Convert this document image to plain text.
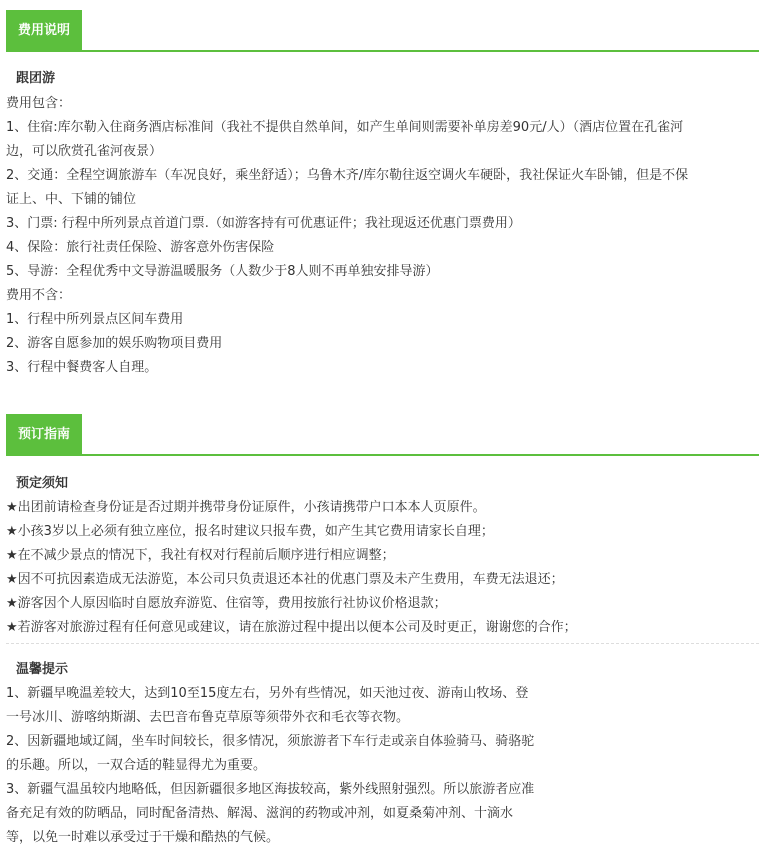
费用说明
跟团游
费用包含：
1、住宿:库尔勒入住商务酒店标准间（我社不提供自然单间，如产生单间则需要补单房差90元/人）（酒店位置在孔雀河
边，可以欣赏孔雀河夜景）
2、交通：全程空调旅游车（车况良好，乘坐舒适）；乌鲁木齐/库尔勒往返空调火车硬卧，我社保证火车卧铺，但是不保
证上、中、下铺的铺位
3、门票: 行程中所列景点首道门票.（如游客持有可优惠证件；我社现返还优惠门票费用）
4、保险：旅行社责任保险、游客意外伤害保险
5、导游：全程优秀中文导游温暖服务（人数少于8人则不再单独安排导游）
费用不含：
1、行程中所列景点区间车费用
2、游客自愿参加的娱乐购物项目费用
3、行程中餐费客人自理。
预订指南
预定须知
★出团前请检查身份证是否过期并携带身份证原件，小孩请携带户口本本人页原件。
★小孩3岁以上必须有独立座位，报名时建议只报车费，如产生其它费用请家长自理；
★在不减少景点的情况下，我社有权对行程前后顺序进行相应调整；
★因不可抗因素造成无法游览，本公司只负责退还本社的优惠门票及未产生费用，车费无法退还；
★游客因个人原因临时自愿放弃游览、住宿等，费用按旅行社协议价格退款；
★若游客对旅游过程有任何意见或建议，请在旅游过程中提出以便本公司及时更正，谢谢您的合作；
温馨提示
1、新疆早晚温差较大，达到10至15度左右，另外有些情况，如天池过夜、游南山牧场、登
一号冰川、游喀纳斯湖、去巴音布鲁克草原等须带外衣和毛衣等衣物。
2、因新疆地域辽阔，坐车时间较长，很多情况，须旅游者下车行走或亲自体验骑马、骑骆驼
的乐趣。所以，一双合适的鞋显得尤为重要。
3、新疆气温虽较内地略低，但因新疆很多地区海拔较高，紫外线照射强烈。所以旅游者应准
备充足有效的防晒品，同时配备清热、解渴、滋润的药物或冲剂，如夏桑菊冲剂、十滴水
等，以免一时难以承受过于干燥和酷热的气候。
